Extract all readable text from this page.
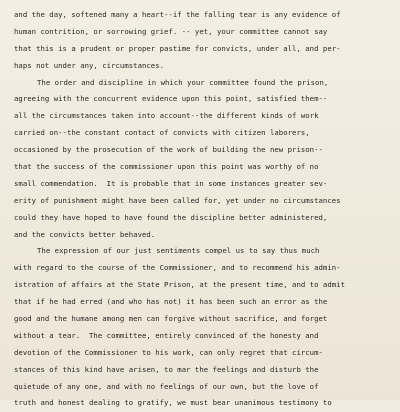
and the day, softened many a heart--if the falling tear is any evidence of
human contrition, or sorrowing grief. -- yet, your committee cannot say
that this is a prudent or proper pastime for convicts, under all, and per-
haps not under any, circumstances.
The order and discipline in which your committee found the prison,
agreeing with the concurrent evidence upon this point, satisfied them--
all the circumstances taken into account--the different kinds of work
carried on--the constant contact of convicts with citizen laborers,
occasioned by the prosecution of the work of building the new prison--
that the success of the commissioner upon this point was worthy of no
small commendation.  It is probable that in some instances greater sev-
erity of punishment might have been called for, yet under no circumstances
could they have hoped to have found the discipline better administered,
and the convicts better behaved.
The expression of our just sentiments compel us to say thus much
with regard to the course of the Commissioner, and to recommend his admin-
istration of affairs at the State Prison, at the present time, and to admit
that if he had erred (and who has not) it has been such an error as the
good and the humane among men can forgive without sacrifice, and forget
without a tear.  The committee, entirely convinced of the honesty and
devotion of the Commissioner to his work, can only regret that circum-
stances of this kind have arisen, to mar the feelings and disturb the
quietude of any one, and with no feelings of our own, but the love of
truth and honest dealing to gratify, we must bear unanimous testimony to
